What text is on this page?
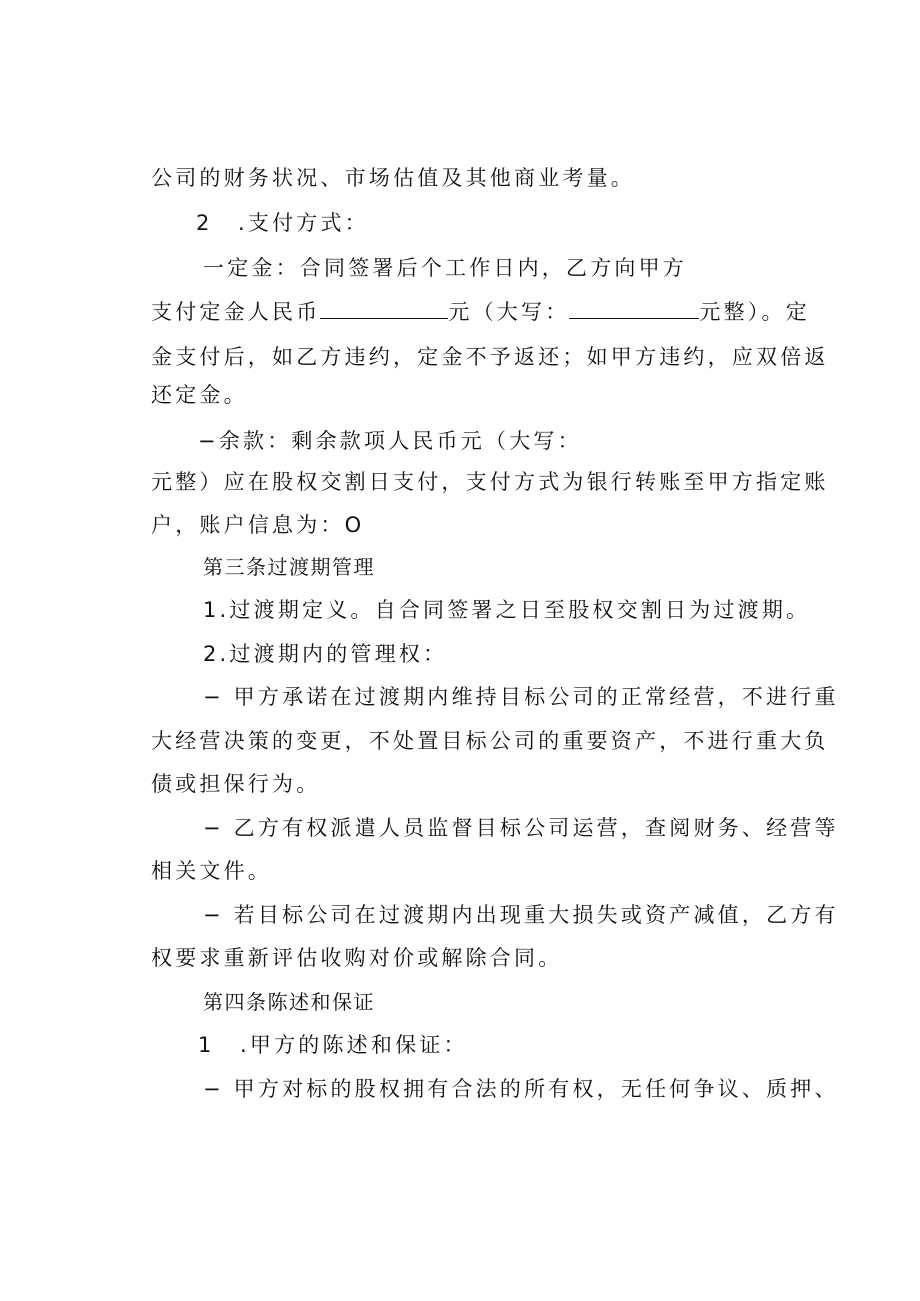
公司的财务状况、市场估值及其他商业考量。
2 .支付方式：
一定金：合同签署后个工作日内，乙方向甲方
支付定金人民币	元（大写：	元整）。定
金支付后，如乙方违约，定金不予返还；如甲方违约，应双倍返
还定金。
−余款：剩余款项人民币元（大写：
元整）应在股权交割日支付，支付方式为银行转账至甲方指定账
户，账户信息为：O
第三条过渡期管理
1.过渡期定义。自合同签署之日至股权交割日为过渡期。
2.过渡期内的管理权：
− 甲方承诺在过渡期内维持目标公司的正常经营，不进行重
大经营决策的变更，不处置目标公司的重要资产，不进行重大负
债或担保行为。
− 乙方有权派遣人员监督目标公司运营，查阅财务、经营等
相关文件。
− 若目标公司在过渡期内出现重大损失或资产减值，乙方有
权要求重新评估收购对价或解除合同。
第四条陈述和保证
1 .甲方的陈述和保证：
− 甲方对标的股权拥有合法的所有权，无任何争议、质押、
